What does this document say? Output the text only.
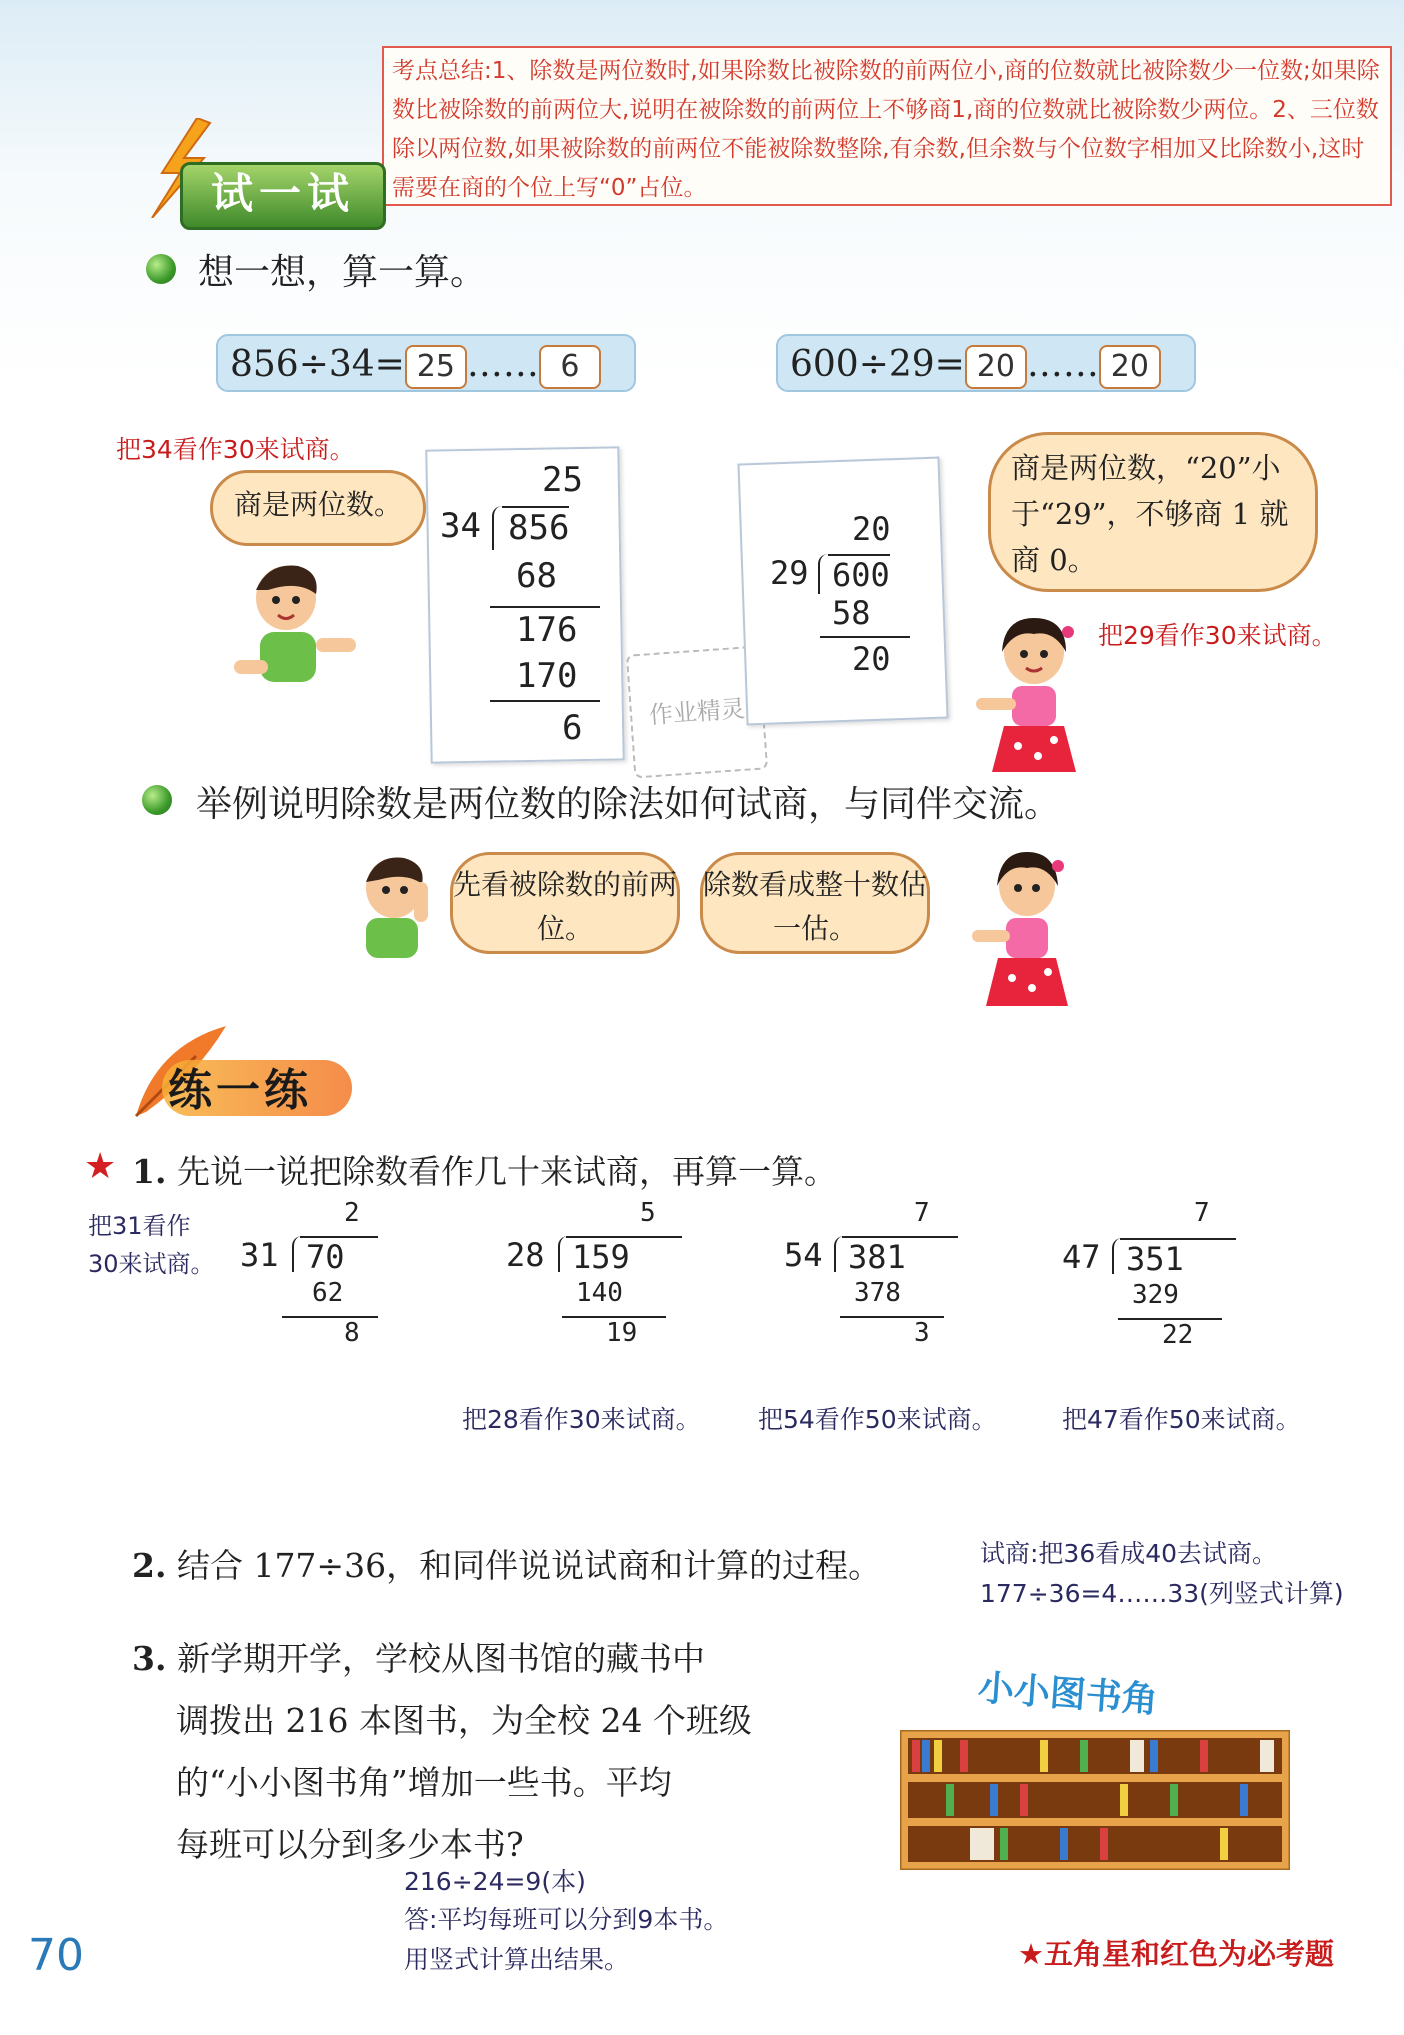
考点总结:1、除数是两位数时,如果除数比被除数的前两位小,商的位数就比被除数少一位数;如果除数比被除数的前两位大,说明在被除数的前两位上不够商1,商的位数就比被除数少两位。2、三位数除以两位数,如果被除数的前两位不能被除数整除,有余数,但余数与个位数字相加又比除数小,这时需要在商的个位上写“0”占位。
试一试
想一想，算一算。
856÷34= 25 …… 6	600÷29= 20 …… 20
把34看作30来试商。
商是两位数。
25
34 856
68
176
170
6	作业精灵
20
29 600
58
20
商是两位数，“20”小于“29”，不够商 1 就商 0。
把29看作30来试商。
举例说明除数是两位数的除法如何试商，与同伴交流。
先看被除数的前两位。
除数看成整十数估一估。
练一练
★ 1. 先说一说把除数看作几十来试商，再算一算。
把31看作
30来试商。
2
31 70
62
8
5
28 159
140
19
7
54 381
378
3
7
47 351
329
22
把28看作30来试商。 把54看作50来试商。	把47看作50来试商。
2. 结合 177÷36，和同伴说说试商和计算的过程。	试商:把36看成40去试商。
177÷36=4……33(列竖式计算)
3. 新学期开学，学校从图书馆的藏书中
调拨出 216 本图书，为全校 24 个班级
的“小小图书角”增加一些书。平均
每班可以分到多少本书?
216÷24=9(本)
答:平均每班可以分到9本书。
用竖式计算出结果。
小小图书角
70	★五角星和红色为必考题
